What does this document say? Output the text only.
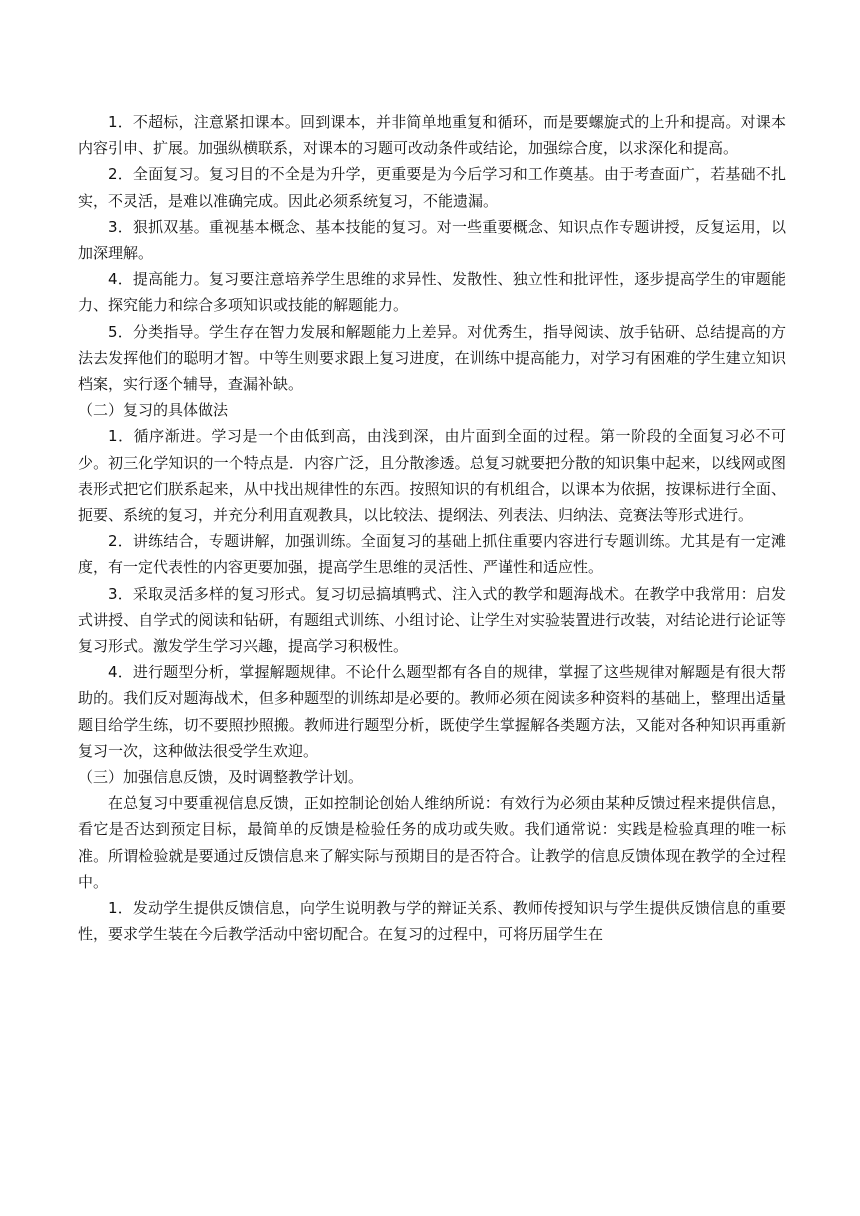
1．不超标，注意紧扣课本。回到课本，并非简单地重复和循环，而是要螺旋式的上升和提高。对课本内容引申、扩展。加强纵横联系，对课本的习题可改动条件或结论，加强综合度，以求深化和提高。

2．全面复习。复习目的不全是为升学，更重要是为今后学习和工作奠基。由于考查面广，若基础不扎实，不灵活，是难以准确完成。因此必须系统复习，不能遗漏。

3．狠抓双基。重视基本概念、基本技能的复习。对一些重要概念、知识点作专题讲授，反复运用，以加深理解。

4．提高能力。复习要注意培养学生思维的求异性、发散性、独立性和批评性，逐步提高学生的审题能力、探究能力和综合多项知识或技能的解题能力。

5．分类指导。学生存在智力发展和解题能力上差异。对优秀生，指导阅读、放手钻研、总结提高的方法去发挥他们的聪明才智。中等生则要求跟上复习进度，在训练中提高能力，对学习有困难的学生建立知识档案，实行逐个辅导，查漏补缺。

（二）复习的具体做法

1．循序渐进。学习是一个由低到高，由浅到深，由片面到全面的过程。第一阶段的全面复习必不可少。初三化学知识的一个特点是．内容广泛，且分散渗透。总复习就要把分散的知识集中起来，以线网或图表形式把它们朕系起来，从中找出规律性的东西。按照知识的有机组合，以课本为依据，按课标进行全面、扼要、系统的复习，并充分利用直观教具，以比较法、提纲法、列表法、归纳法、竞赛法等形式进行。

2．讲练结合，专题讲解，加强训练。全面复习的基础上抓住重要内容进行专题训练。尤其是有一定滩度，有一定代表性的内容更要加强，提高学生思维的灵活性、严谨性和适应性。

3．采取灵活多样的复习形式。复习切忌搞填鸭式、注入式的教学和题海战术。在教学中我常用：启发式讲授、自学式的阅读和钻研，有题组式训练、小组讨论、让学生对实验装置进行改装，对结论进行论证等复习形式。激发学生学习兴趣，提高学习积极性。

4．进行题型分析，掌握解题规律。不论什么题型都有各自的规律，掌握了这些规律对解题是有很大帮助的。我们反对题海战术，但多种题型的训练却是必要的。教师必须在阅读多种资料的基础上，整理出适量题目给学生练，切不要照抄照搬。教师进行题型分析，既使学生掌握解各类题方法，又能对各种知识再重新复习一次，这种做法很受学生欢迎。

（三）加强信息反馈，及时调整教学计划。

在总复习中要重视信息反馈，正如控制论创始人维纳所说：有效行为必须由某种反馈过程来提供信息，看它是否达到预定目标，最简单的反馈是检验任务的成功或失败。我们通常说：实践是检验真理的唯一标准。所谓检验就是要通过反馈信息来了解实际与预期目的是否符合。让教学的信息反馈体现在教学的全过程中。

1．发动学生提供反馈信息，向学生说明教与学的辩证关系、教师传授知识与学生提供反馈信息的重要性，要求学生装在今后教学活动中密切配合。在复习的过程中，可将历届学生在
